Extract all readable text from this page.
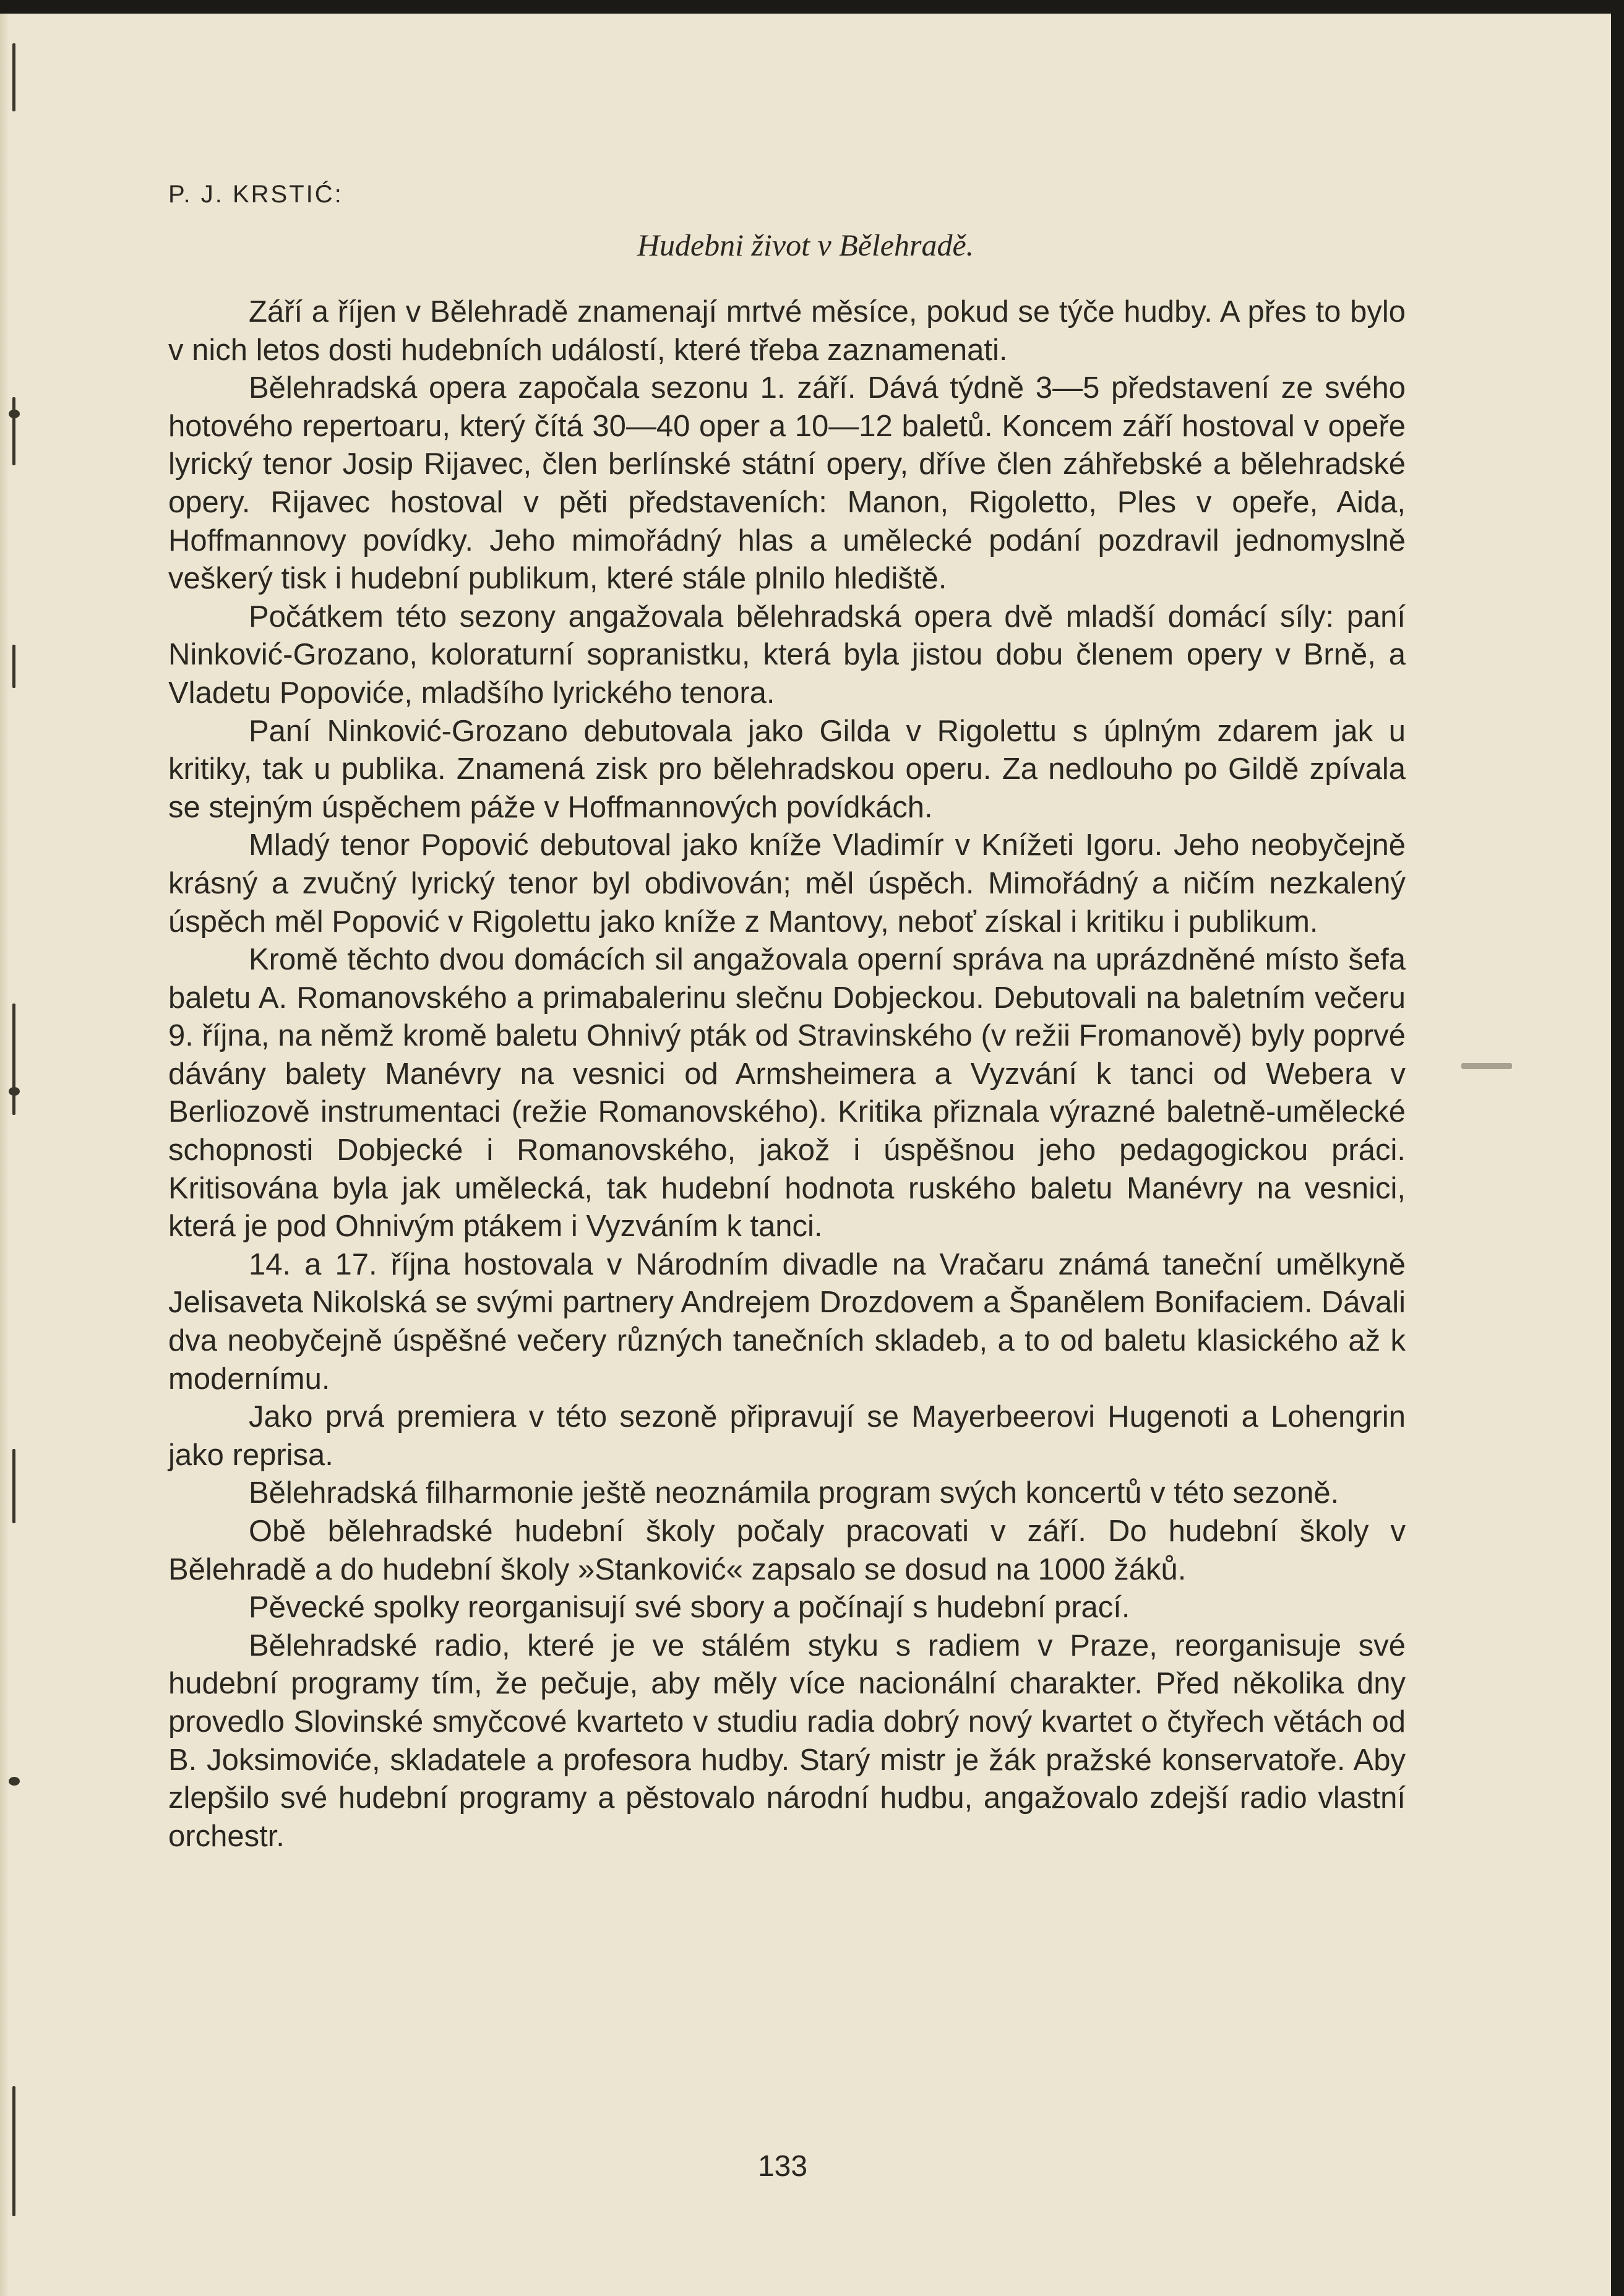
P. J. KRSTIĆ:
Hudebni život v Bělehradě.

Září a říjen v Bělehradě znamenají mrtvé měsíce, pokud se týče hudby. A přes to bylo v nich letos dosti hudebních událostí, které třeba zaznamenati.

Bělehradská opera započala sezonu 1. září. Dává týdně 3—5 představení ze svého hotového repertoaru, který čítá 30—40 oper a 10—12 baletů. Koncem září hostoval v opeře lyrický tenor Josip Rijavec, člen berlínské státní opery, dříve člen záhřebské a bělehradské opery. Rijavec hostoval v pěti představeních: Manon, Rigoletto, Ples v opeře, Aida, Hoffmannovy povídky. Jeho mimořádný hlas a umělecké podání pozdravil jednomyslně veškerý tisk i hudební publikum, které stále plnilo hlediště.

Počátkem této sezony angažovala bělehradská opera dvě mladší domácí síly: paní Ninković-Grozano, koloraturní sopranistku, která byla jistou dobu členem opery v Brně, a Vladetu Popoviće, mladšího lyrického tenora.

Paní Ninković-Grozano debutovala jako Gilda v Rigolettu s úplným zdarem jak u kritiky, tak u publika. Znamená zisk pro bělehradskou operu. Za nedlouho po Gildě zpívala se stejným úspěchem páže v Hoffmannových povídkách.

Mladý tenor Popović debutoval jako kníže Vladimír v Knížeti Igoru. Jeho neobyčejně krásný a zvučný lyrický tenor byl obdivován; měl úspěch. Mimořádný a ničím nezkalený úspěch měl Popović v Rigolettu jako kníže z Mantovy, neboť získal i kritiku i publikum.

Kromě těchto dvou domácích sil angažovala operní správa na uprázdněné místo šefa baletu A. Romanovského a primabalerinu slečnu Dobjeckou. Debutovali na baletním večeru 9. října, na němž kromě baletu Ohnivý pták od Stravinského (v režii Fromanově) byly poprvé dávány balety Manévry na vesnici od Armsheimera a Vyzvání k tanci od Webera v Berliozově instrumentaci (režie Romanovského). Kritika přiznala výrazné baletně-umělecké schopnosti Dobjecké i Romanovského, jakož i úspěšnou jeho pedagogickou práci. Kritisována byla jak umělecká, tak hudební hodnota ruského baletu Manévry na vesnici, která je pod Ohnivým ptákem i Vyzváním k tanci.

14. a 17. října hostovala v Národním divadle na Vračaru známá taneční umělkyně Jelisaveta Nikolská se svými partnery Andrejem Drozdovem a Španělem Bonifaciem. Dávali dva neobyčejně úspěšné večery různých tanečních skladeb, a to od baletu klasického až k modernímu.

Jako prvá premiera v této sezoně připravují se Mayerbeerovi Hugenoti a Lohengrin jako reprisa.

Bělehradská filharmonie ještě neoznámila program svých koncertů v této sezoně.

Obě bělehradské hudební školy počaly pracovati v září. Do hudební školy v Bělehradě a do hudební školy »Stanković« zapsalo se dosud na 1000 žáků.

Pěvecké spolky reorganisují své sbory a počínají s hudební prací.

Bělehradské radio, které je ve stálém styku s radiem v Praze, reorganisuje své hudební programy tím, že pečuje, aby měly více nacionální charakter. Před několika dny provedlo Slovinské smyčcové kvarteto v studiu radia dobrý nový kvartet o čtyřech větách od B. Joksimoviće, skladatele a profesora hudby. Starý mistr je žák pražské konservatoře. Aby zlepšilo své hudební programy a pěstovalo národní hudbu, angažovalo zdejší radio vlastní orchestr.

133
